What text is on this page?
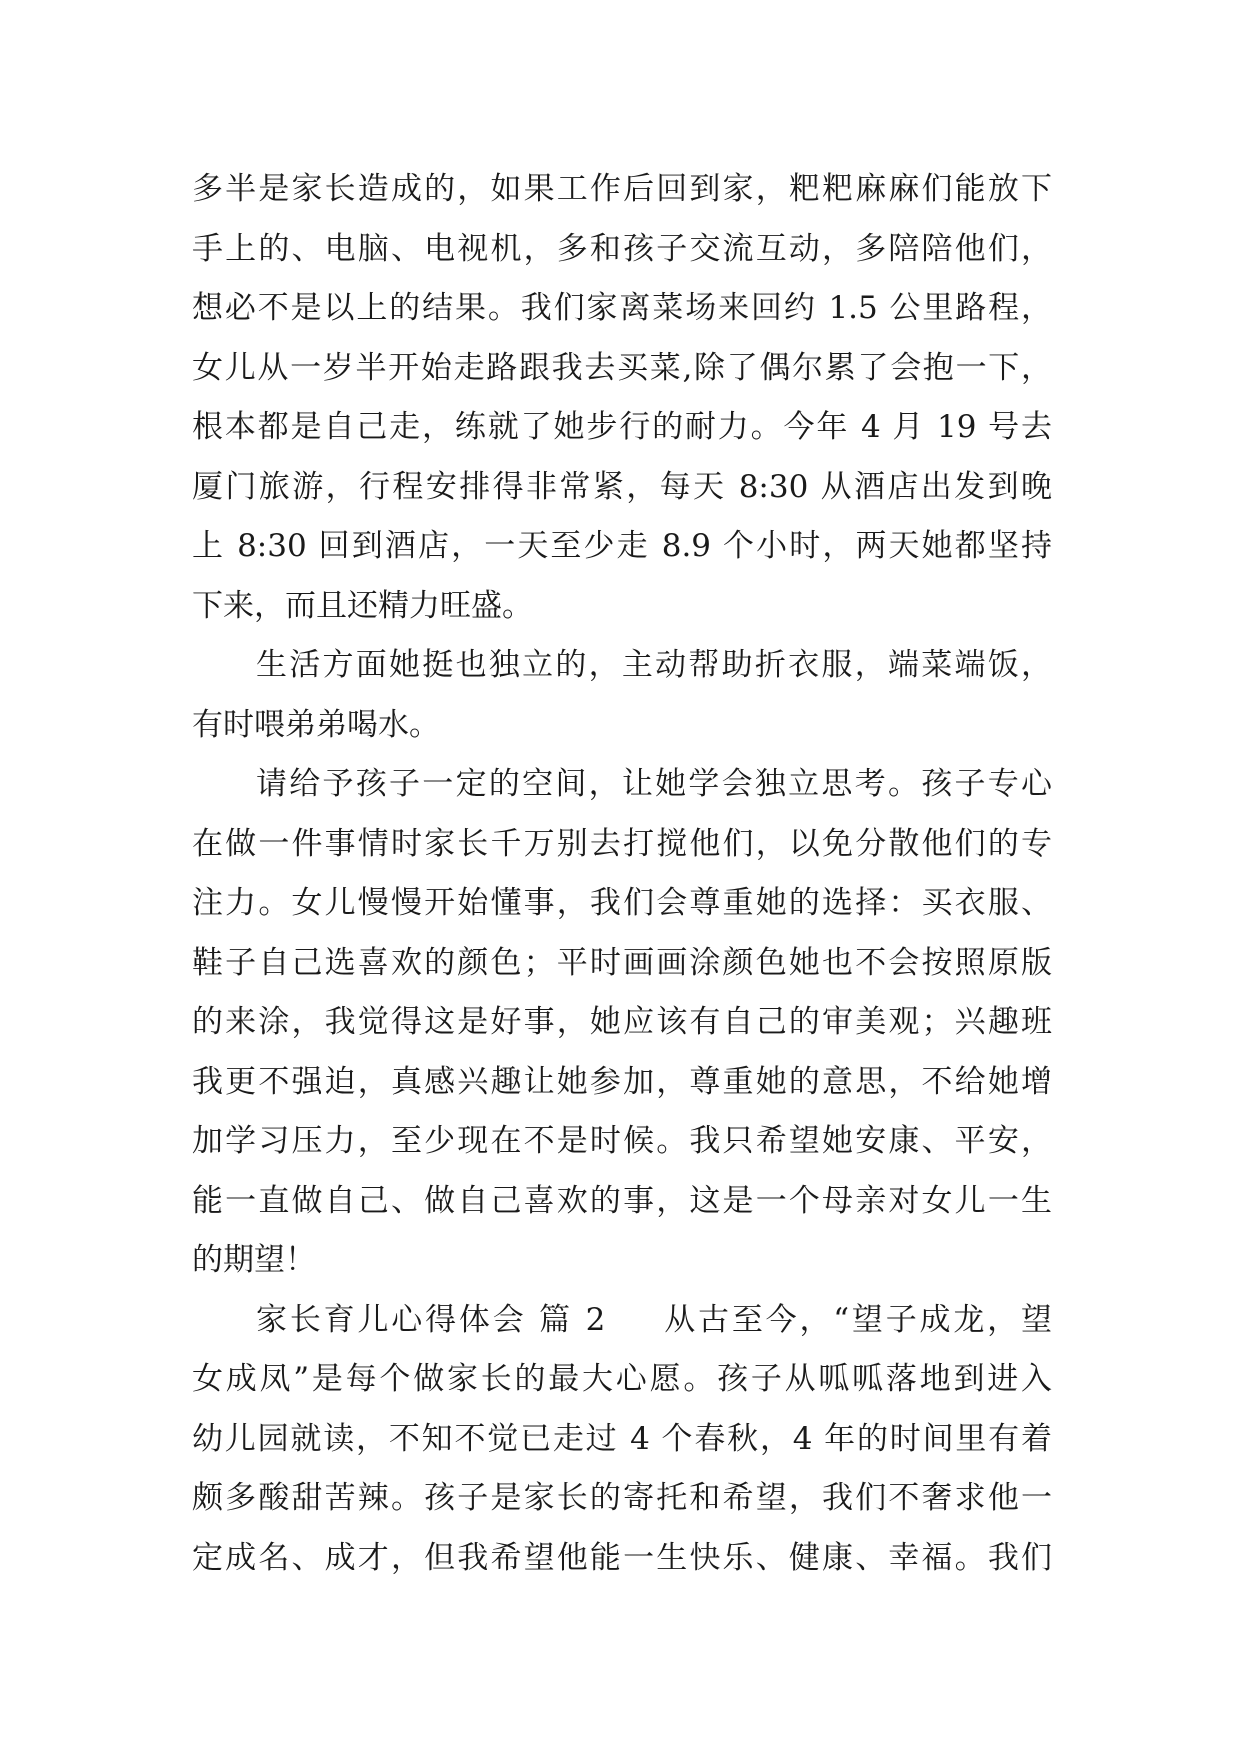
多半是家长造成的，如果工作后回到家，粑粑麻麻们能放下
手上的、电脑、电视机，多和孩子交流互动，多陪陪他们，
想必不是以上的结果。我们家离菜场来回约 1.5 公里路程，
女儿从一岁半开始走路跟我去买菜,除了偶尔累了会抱一下，
根本都是自己走，练就了她步行的耐力。今年 4 月 19 号去
厦门旅游，行程安排得非常紧，每天 8:30 从酒店出发到晚
上 8:30 回到酒店，一天至少走 8.9 个小时，两天她都坚持
下来，而且还精力旺盛。
生活方面她挺也独立的，主动帮助折衣服，端菜端饭，
有时喂弟弟喝水。
请给予孩子一定的空间，让她学会独立思考。孩子专心
在做一件事情时家长千万别去打搅他们，以免分散他们的专
注力。女儿慢慢开始懂事，我们会尊重她的选择：买衣服、
鞋子自己选喜欢的颜色；平时画画涂颜色她也不会按照原版
的来涂，我觉得这是好事，她应该有自己的审美观；兴趣班
我更不强迫，真感兴趣让她参加，尊重她的意思，不给她增
加学习压力，至少现在不是时候。我只希望她安康、平安，
能一直做自己、做自己喜欢的事，这是一个母亲对女儿一生
的期望！
家长育儿心得体会 篇 2 从古至今，“望子成龙，望
女成凤”是每个做家长的最大心愿。孩子从呱呱落地到进入
幼儿园就读，不知不觉已走过 4 个春秋，4 年的时间里有着
颇多酸甜苦辣。孩子是家长的寄托和希望，我们不奢求他一
定成名、成才，但我希望他能一生快乐、健康、幸福。我们
